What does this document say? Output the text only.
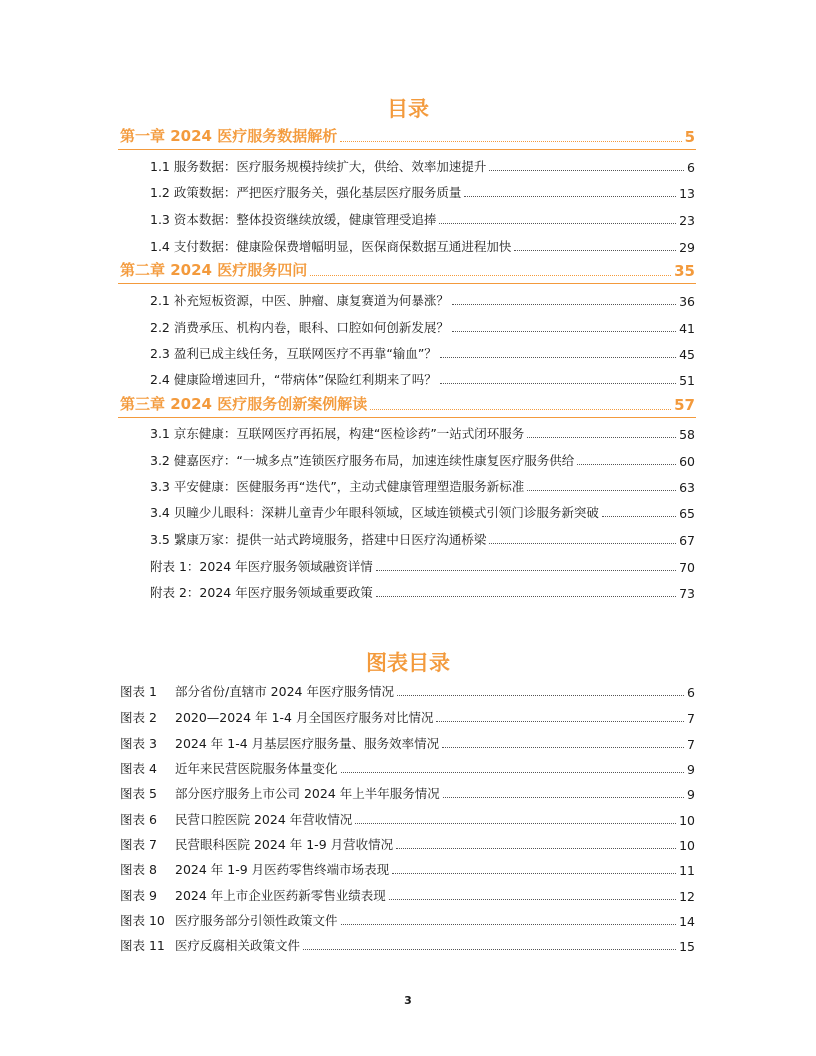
目录
第一章 2024 医疗服务数据解析	5
1.1 服务数据：医疗服务规模持续扩大，供给、效率加速提升	6
1.2 政策数据：严把医疗服务关，强化基层医疗服务质量	13
1.3 资本数据：整体投资继续放缓，健康管理受追捧	23
1.4 支付数据：健康险保费增幅明显，医保商保数据互通进程加快	29
第二章 2024 医疗服务四问	35
2.1 补充短板资源，中医、肿瘤、康复赛道为何暴涨？	36
2.2 消费承压、机构内卷，眼科、口腔如何创新发展？	41
2.3 盈利已成主线任务，互联网医疗不再靠“输血”？	45
2.4 健康险增速回升，“带病体”保险红利期来了吗？	51
第三章 2024 医疗服务创新案例解读	57
3.1 京东健康：互联网医疗再拓展，构建“医检诊药”一站式闭环服务	58
3.2 健嘉医疗：“一城多点”连锁医疗服务布局，加速连续性康复医疗服务供给	60
3.3 平安健康：医健服务再“迭代”，主动式健康管理塑造服务新标准	63
3.4 贝瞳少儿眼科：深耕儿童青少年眼科领域，区域连锁模式引领门诊服务新突破	65
3.5 繄康万家：提供一站式跨境服务，搭建中日医疗沟通桥梁	67
附表 1：2024 年医疗服务领域融资详情	70
附表 2：2024 年医疗服务领域重要政策	73
图表目录
图表 1 部分省份/直辖市 2024 年医疗服务情况	6
图表 2 2020—2024 年 1-4 月全国医疗服务对比情况	7
图表 3 2024 年 1-4 月基层医疗服务量、服务效率情况	7
图表 4 近年来民营医院服务体量变化	9
图表 5 部分医疗服务上市公司 2024 年上半年服务情况	9
图表 6 民营口腔医院 2024 年营收情况	10
图表 7 民营眼科医院 2024 年 1-9 月营收情况	10
图表 8 2024 年 1-9 月医药零售终端市场表现	11
图表 9 2024 年上市企业医药新零售业绩表现	12
图表 10 医疗服务部分引领性政策文件	14
图表 11 医疗反腐相关政策文件	15
3
